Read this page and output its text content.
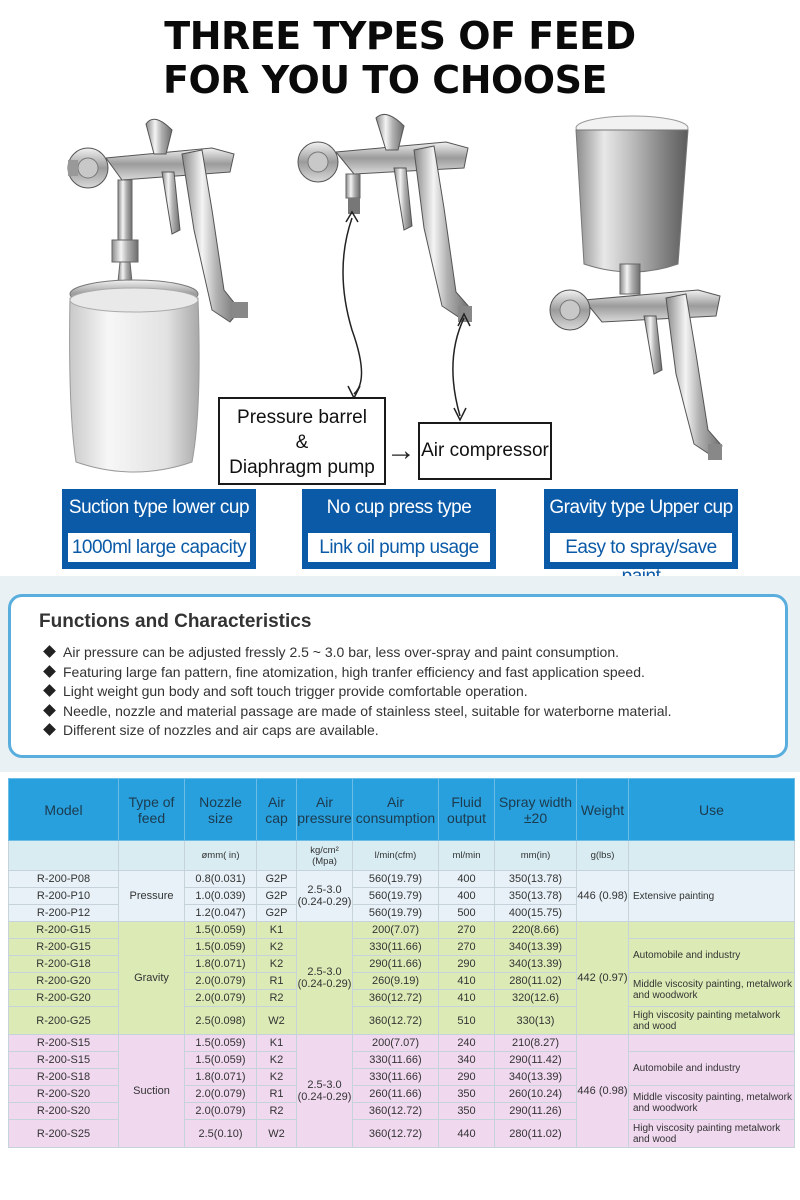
THREE TYPES OF FEED
FOR YOU TO CHOOSE
Pressure barrel
&
Diaphragm pump
→ Air compressor
Suction type lower cup
1000ml large capacity
No cup press type
Link oil pump usage
Gravity type Upper cup
Easy to spray/save
Functions and Characteristics
Air pressure can be adjusted fressly 2.5 ~ 3.0 bar, less over-spray and paint consumption.
Featuring large fan pattern, fine atomization, high tranfer efficiency and fast application speed.
Light weight gun body and soft touch trigger provide comfortable operation.
Needle, nozzle and material passage are made of stainless steel, suitable for waterborne material.
Different size of nozzles and air caps are available.
Model	Type of feed	Nozzle size	Air cap	Air pressure	Air consumption	Fluid output	Spray width ±20	Weight	Use
		ømm( in)		kg/cm² (Mpa)	l/min(cfm)	ml/min	mm(in)	g(lbs)	
R-200-P08	Pressure	0.8(0.031)	G2P	2.5-3.0 (0.24-0.29)	560(19.79)	400	350(13.78)	446 (0.98)	Extensive painting
R-200-P10		1.0(0.039)	G2P		560(19.79)	400	350(13.78)		
R-200-P12		1.2(0.047)	G2P		560(19.79)	500	400(15.75)		
R-200-G15	Gravity	1.5(0.059)	K1	2.5-3.0 (0.24-0.29)	200(7.07)	270	220(8.66)	442 (0.97)	
R-200-G15		1.5(0.059)	K2		330(11.66)	270	340(13.39)		Automobile and industry
R-200-G18		1.8(0.071)	K2		290(11.66)	290	340(13.39)		
R-200-G20		2.0(0.079)	R1		260(9.19)	410	280(11.02)		Middle viscosity painting, metalwork and woodwork
R-200-G20		2.0(0.079)	R2		360(12.72)	410	320(12.6)		
R-200-G25		2.5(0.098)	W2		360(12.72)	510	330(13)		High viscosity painting metalwork and wood
R-200-S15	Suction	1.5(0.059)	K1	2.5-3.0 (0.24-0.29)	200(7.07)	240	210(8.27)	446 (0.98)	
R-200-S15		1.5(0.059)	K2		330(11.66)	340	290(11.42)		Automobile and industry
R-200-S18		1.8(0.071)	K2		330(11.66)	290	340(13.39)		
R-200-S20		2.0(0.079)	R1		260(11.66)	350	260(10.24)		Middle viscosity painting, metalwork and woodwork
R-200-S20		2.0(0.079)	R2		360(12.72)	350	290(11.26)		
R-200-S25		2.5(0.10)	W2		360(12.72)	440	280(11.02)		High viscosity painting metalwork and wood
